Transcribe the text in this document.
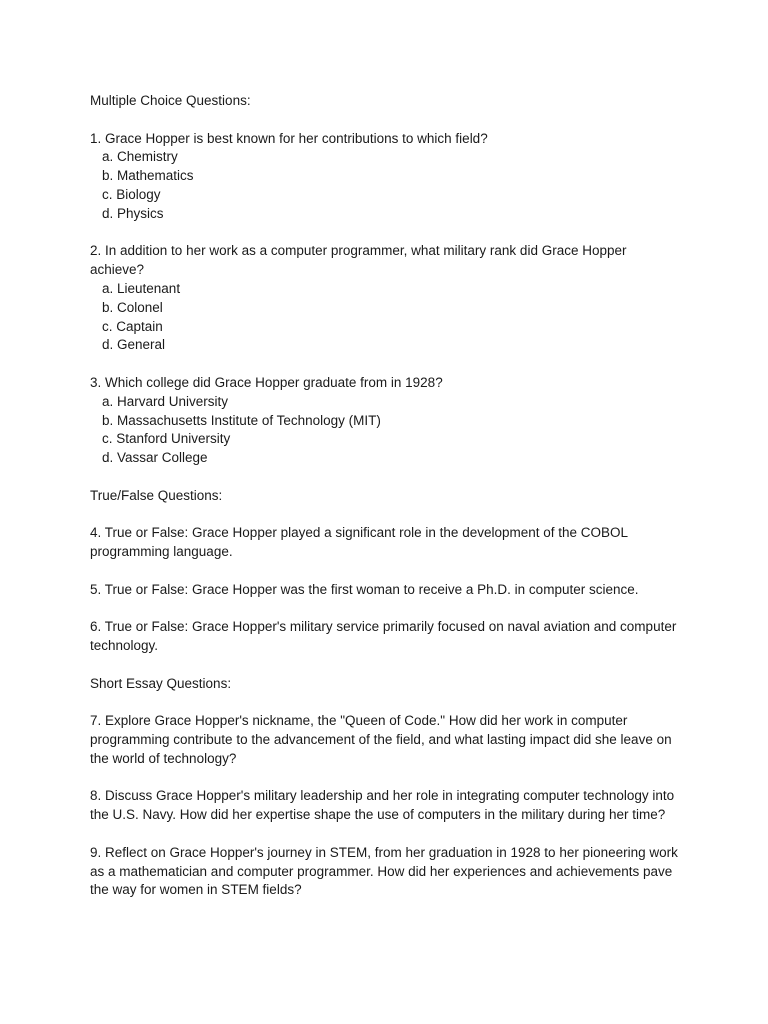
Multiple Choice Questions:

1. Grace Hopper is best known for her contributions to which field?

a. Chemistry
b. Mathematics
c. Biology
d. Physics

2. In addition to her work as a computer programmer, what military rank did Grace Hopper achieve?

a. Lieutenant
b. Colonel
c. Captain
d. General

3. Which college did Grace Hopper graduate from in 1928?

a. Harvard University
b. Massachusetts Institute of Technology (MIT)
c. Stanford University
d. Vassar College

True/False Questions:

4. True or False: Grace Hopper played a significant role in the development of the COBOL programming language.

5. True or False: Grace Hopper was the first woman to receive a Ph.D. in computer science.

6. True or False: Grace Hopper's military service primarily focused on naval aviation and computer technology.

Short Essay Questions:

7. Explore Grace Hopper's nickname, the "Queen of Code." How did her work in computer programming contribute to the advancement of the field, and what lasting impact did she leave on the world of technology?

8. Discuss Grace Hopper's military leadership and her role in integrating computer technology into the U.S. Navy. How did her expertise shape the use of computers in the military during her time?

9. Reflect on Grace Hopper's journey in STEM, from her graduation in 1928 to her pioneering work as a mathematician and computer programmer. How did her experiences and achievements pave the way for women in STEM fields?
